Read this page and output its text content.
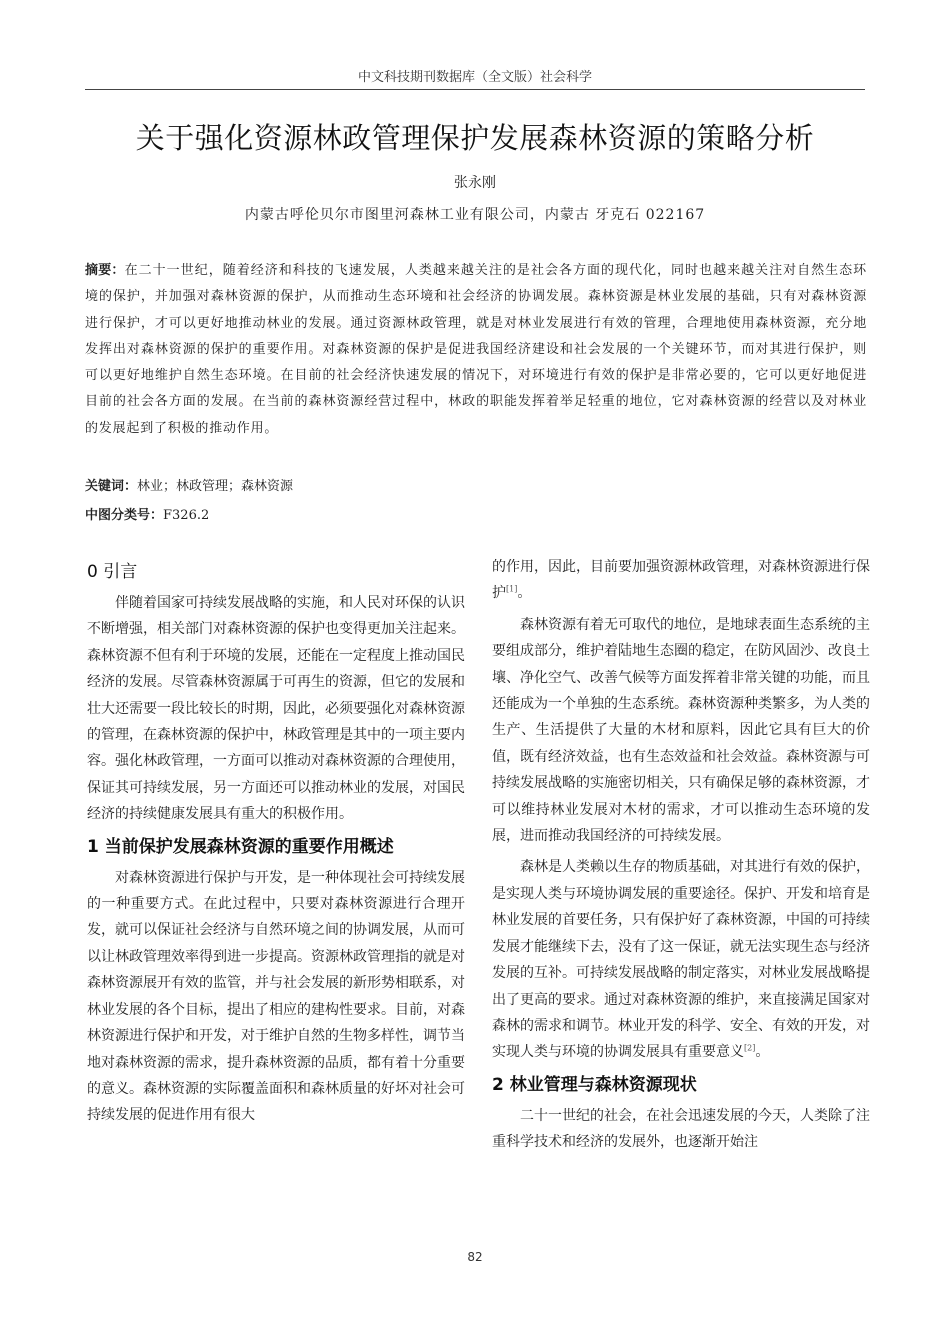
中文科技期刊数据库（全文版）社会科学
关于强化资源林政管理保护发展森林资源的策略分析
张永刚
内蒙古呼伦贝尔市图里河森林工业有限公司，内蒙古 牙克石 022167
摘要：在二十一世纪，随着经济和科技的飞速发展，人类越来越关注的是社会各方面的现代化，同时也越来越关注对自然生态环境的保护，并加强对森林资源的保护，从而推动生态环境和社会经济的协调发展。森林资源是林业发展的基础，只有对森林资源进行保护，才可以更好地推动林业的发展。通过资源林政管理，就是对林业发展进行有效的管理，合理地使用森林资源，充分地发挥出对森林资源的保护的重要作用。对森林资源的保护是促进我国经济建设和社会发展的一个关键环节，而对其进行保护，则可以更好地维护自然生态环境。在目前的社会经济快速发展的情况下，对环境进行有效的保护是非常必要的，它可以更好地促进目前的社会各方面的发展。在当前的森林资源经营过程中，林政的职能发挥着举足轻重的地位，它对森林资源的经营以及对林业的发展起到了积极的推动作用。
关键词：林业；林政管理；森林资源
中图分类号：F326.2
0 引言

伴随着国家可持续发展战略的实施，和人民对环保的认识不断增强，相关部门对森林资源的保护也变得更加关注起来。森林资源不但有利于环境的发展，还能在一定程度上推动国民经济的发展。尽管森林资源属于可再生的资源，但它的发展和壮大还需要一段比较长的时期，因此，必须要强化对森林资源的管理，在森林资源的保护中，林政管理是其中的一项主要内容。强化林政管理，一方面可以推动对森林资源的合理使用，保证其可持续发展，另一方面还可以推动林业的发展，对国民经济的持续健康发展具有重大的积极作用。

1 当前保护发展森林资源的重要作用概述

对森林资源进行保护与开发，是一种体现社会可持续发展的一种重要方式。在此过程中，只要对森林资源进行合理开发，就可以保证社会经济与自然环境之间的协调发展，从而可以让林政管理效率得到进一步提高。资源林政管理指的就是对森林资源展开有效的监管，并与社会发展的新形势相联系，对林业发展的各个目标，提出了相应的建构性要求。目前，对森林资源进行保护和开发，对于维护自然的生物多样性，调节当地对森林资源的需求，提升森林资源的品质，都有着十分重要的意义。森林资源的实际覆盖面积和森林质量的好坏对社会可持续发展的促进作用有很大

的作用，因此，目前要加强资源林政管理，对森林资源进行保护[1]。

森林资源有着无可取代的地位，是地球表面生态系统的主要组成部分，维护着陆地生态圈的稳定，在防风固沙、改良土壤、净化空气、改善气候等方面发挥着非常关键的功能，而且还能成为一个单独的生态系统。森林资源种类繁多，为人类的生产、生活提供了大量的木材和原料，因此它具有巨大的价值，既有经济效益，也有生态效益和社会效益。森林资源与可持续发展战略的实施密切相关，只有确保足够的森林资源，才可以维持林业发展对木材的需求，才可以推动生态环境的发展，进而推动我国经济的可持续发展。

森林是人类赖以生存的物质基础，对其进行有效的保护，是实现人类与环境协调发展的重要途径。保护、开发和培育是林业发展的首要任务，只有保护好了森林资源，中国的可持续发展才能继续下去，没有了这一保证，就无法实现生态与经济发展的互补。可持续发展战略的制定落实，对林业发展战略提出了更高的要求。通过对森林资源的维护，来直接满足国家对森林的需求和调节。林业开发的科学、安全、有效的开发，对实现人类与环境的协调发展具有重要意义[2]。

2 林业管理与森林资源现状

二十一世纪的社会，在社会迅速发展的今天，人类除了注重科学技术和经济的发展外，也逐渐开始注

82
